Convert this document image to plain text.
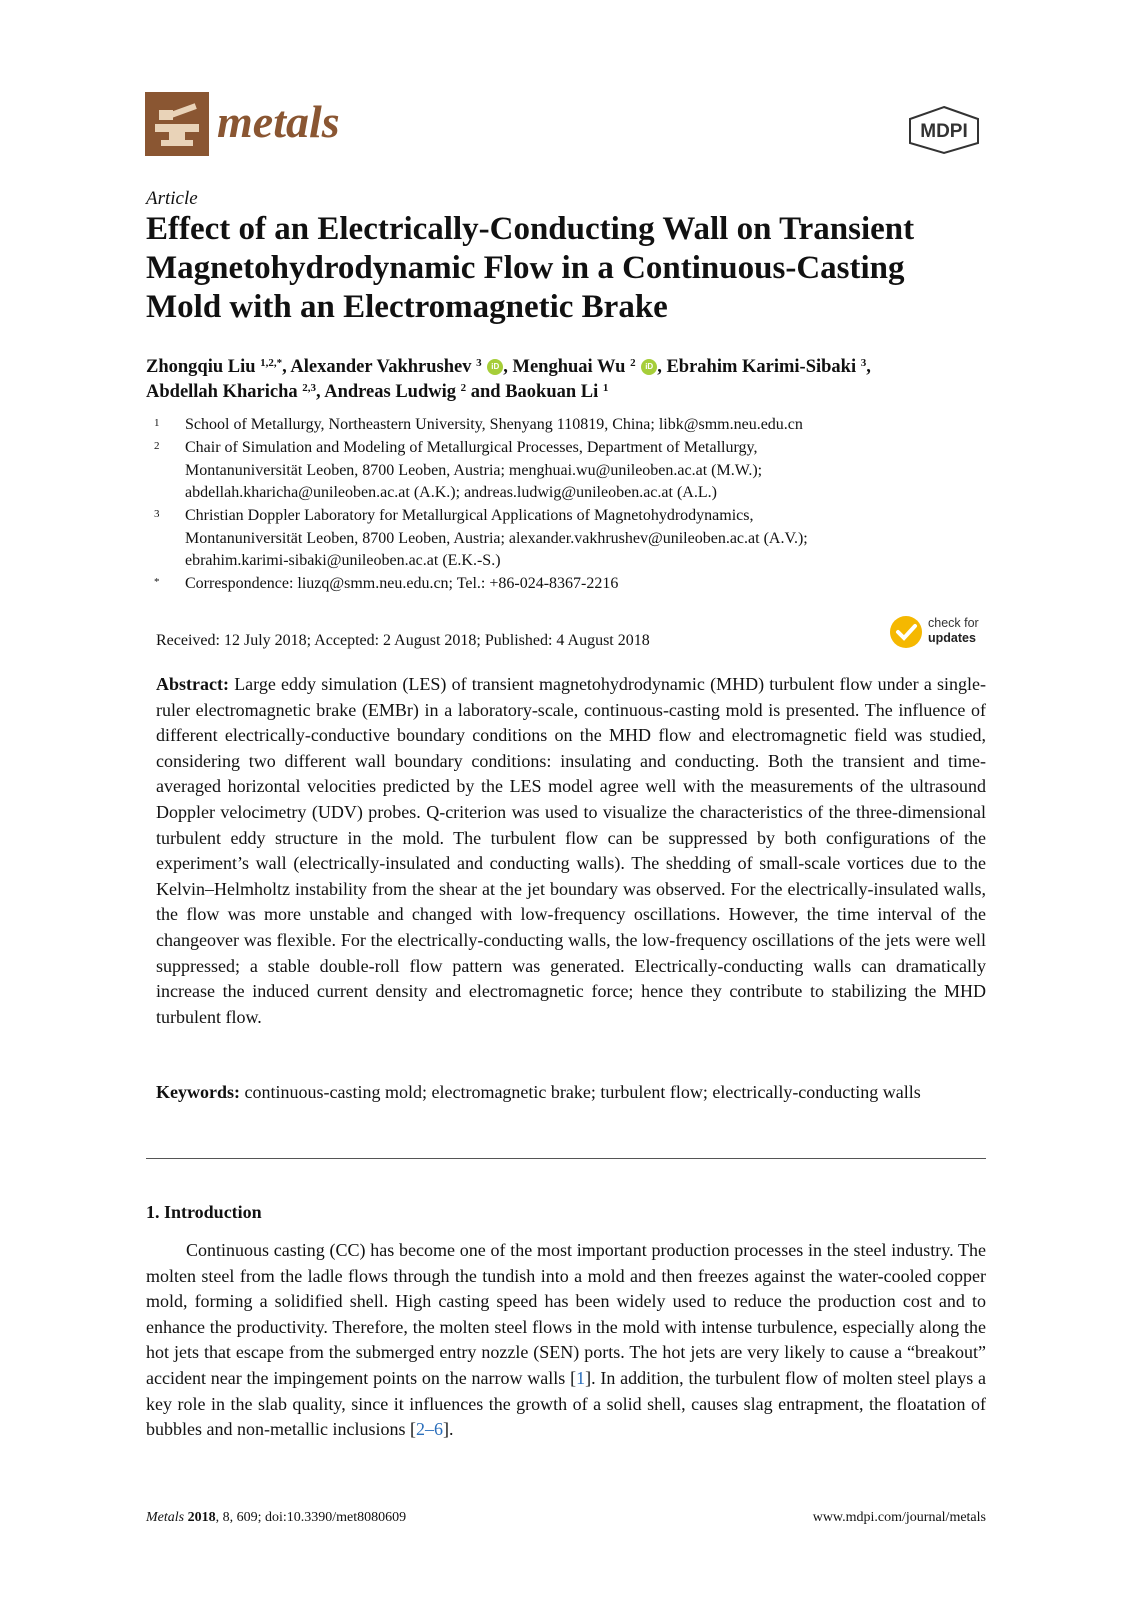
metals	MDPI
Article
Effect of an Electrically-Conducting Wall on Transient Magnetohydrodynamic Flow in a Continuous-Casting Mold with an Electromagnetic Brake
Zhongqiu Liu $^{1,2,*}$, Alexander Vakhrushev $^3$ iD , Menghuai Wu $^2$ iD , Ebrahim Karimi-Sibaki $^3$,
Abdellah Kharicha $^{2,3}$, Andreas Ludwig $^2$ and Baokuan Li $^1$
1 School of Metallurgy, Northeastern University, Shenyang 110819, China; libk@smm.neu.edu.cn
2 Chair of Simulation and Modeling of Metallurgical Processes, Department of Metallurgy,
Montanuniversität Leoben, 8700 Leoben, Austria; menghuai.wu@unileoben.ac.at (M.W.);
abdellah.kharicha@unileoben.ac.at (A.K.); andreas.ludwig@unileoben.ac.at (A.L.)
3 Christian Doppler Laboratory for Metallurgical Applications of Magnetohydrodynamics,
Montanuniversität Leoben, 8700 Leoben, Austria; alexander.vakhrushev@unileoben.ac.at (A.V.);
ebrahim.karimi-sibaki@unileoben.ac.at (E.K.-S.)
* Correspondence: liuzq@smm.neu.edu.cn; Tel.: +86-024-8367-2216
Received: 12 July 2018; Accepted: 2 August 2018; Published: 4 August 2018
check for
updates
Abstract: Large eddy simulation (LES) of transient magnetohydrodynamic (MHD) turbulent flow under a single-ruler electromagnetic brake (EMBr) in a laboratory-scale, continuous-casting mold is presented. The influence of different electrically-conductive boundary conditions on the MHD flow and electromagnetic field was studied, considering two different wall boundary conditions: insulating and conducting. Both the transient and time-averaged horizontal velocities predicted by the LES model agree well with the measurements of the ultrasound Doppler velocimetry (UDV) probes. Q-criterion was used to visualize the characteristics of the three-dimensional turbulent eddy structure in the mold. The turbulent flow can be suppressed by both configurations of the experiment’s wall (electrically-insulated and conducting walls). The shedding of small-scale vortices due to the Kelvin–Helmholtz instability from the shear at the jet boundary was observed. For the electrically-insulated walls, the flow was more unstable and changed with low-frequency oscillations. However, the time interval of the changeover was flexible. For the electrically-conducting walls, the low-frequency oscillations of the jets were well suppressed; a stable double-roll flow pattern was generated. Electrically-conducting walls can dramatically increase the induced current density and electromagnetic force; hence they contribute to stabilizing the MHD turbulent flow.
Keywords: continuous-casting mold; electromagnetic brake; turbulent flow; electrically-conducting walls
1. Introduction
Continuous casting (CC) has become one of the most important production processes in the steel industry. The molten steel from the ladle flows through the tundish into a mold and then freezes against the water-cooled copper mold, forming a solidified shell. High casting speed has been widely used to reduce the production cost and to enhance the productivity. Therefore, the molten steel flows in the mold with intense turbulence, especially along the hot jets that escape from the submerged entry nozzle (SEN) ports. The hot jets are very likely to cause a “breakout” accident near the impingement points on the narrow walls [1]. In addition, the turbulent flow of molten steel plays a key role in the slab quality, since it influences the growth of a solid shell, causes slag entrapment, the floatation of bubbles and non-metallic inclusions [2–6].
Metals 2018, 8, 609; doi:10.3390/met8080609	www.mdpi.com/journal/metals
